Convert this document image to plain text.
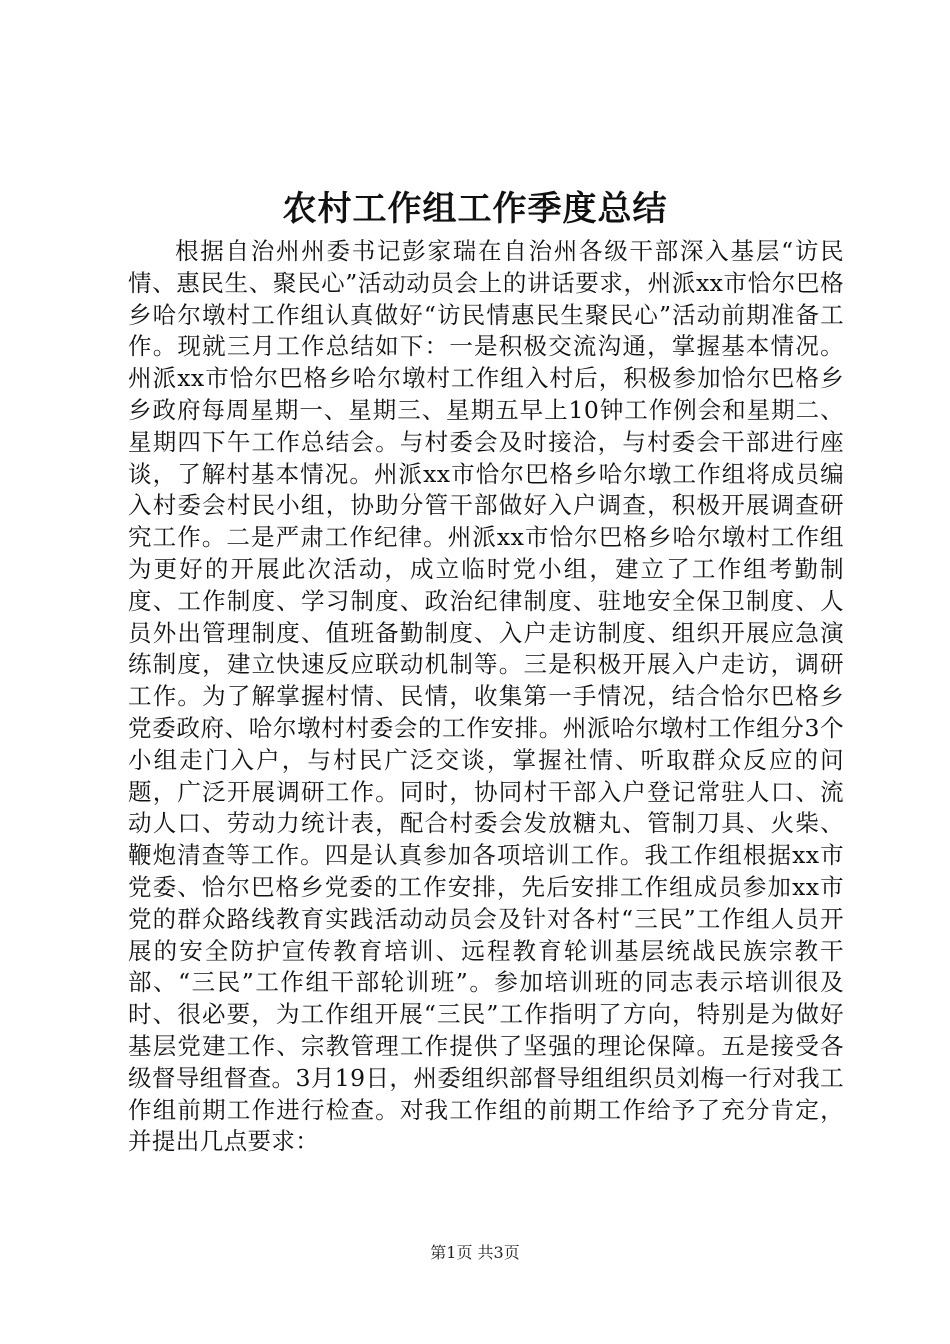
农村工作组工作季度总结

根据自治州州委书记彭家瑞在自治州各级干部深入基层“访民情、惠民生、聚民心”活动动员会上的讲话要求，州派xx市恰尔巴格乡哈尔墩村工作组认真做好“访民情惠民生聚民心”活动前期准备工作。现就三月工作总结如下：一是积极交流沟通，掌握基本情况。州派xx市恰尔巴格乡哈尔墩村工作组入村后，积极参加恰尔巴格乡乡政府每周星期一、星期三、星期五早上10钟工作例会和星期二、星期四下午工作总结会。与村委会及时接洽，与村委会干部进行座谈，了解村基本情况。州派xx市恰尔巴格乡哈尔墩工作组将成员编入村委会村民小组，协助分管干部做好入户调查，积极开展调查研究工作。二是严肃工作纪律。州派xx市恰尔巴格乡哈尔墩村工作组为更好的开展此次活动，成立临时党小组，建立了工作组考勤制度、工作制度、学习制度、政治纪律制度、驻地安全保卫制度、人员外出管理制度、值班备勤制度、入户走访制度、组织开展应急演练制度，建立快速反应联动机制等。三是积极开展入户走访，调研工作。为了解掌握村情、民情，收集第一手情况，结合恰尔巴格乡党委政府、哈尔墩村村委会的工作安排。州派哈尔墩村工作组分3个小组走门入户，与村民广泛交谈，掌握社情、听取群众反应的问题，广泛开展调研工作。同时，协同村干部入户登记常驻人口、流动人口、劳动力统计表，配合村委会发放糖丸、管制刀具、火柴、鞭炮清查等工作。四是认真参加各项培训工作。我工作组根据xx市党委、恰尔巴格乡党委的工作安排，先后安排工作组成员参加xx市党的群众路线教育实践活动动员会及针对各村“三民”工作组人员开展的安全防护宣传教育培训、远程教育轮训基层统战民族宗教干部、“三民”工作组干部轮训班”。参加培训班的同志表示培训很及时、很必要，为工作组开展“三民”工作指明了方向，特别是为做好基层党建工作、宗教管理工作提供了坚强的理论保障。五是接受各级督导组督查。3月19日，州委组织部督导组组织员刘梅一行对我工作组前期工作进行检查。对我工作组的前期工作给予了充分肯定，并提出几点要求：

第1页 共3页
